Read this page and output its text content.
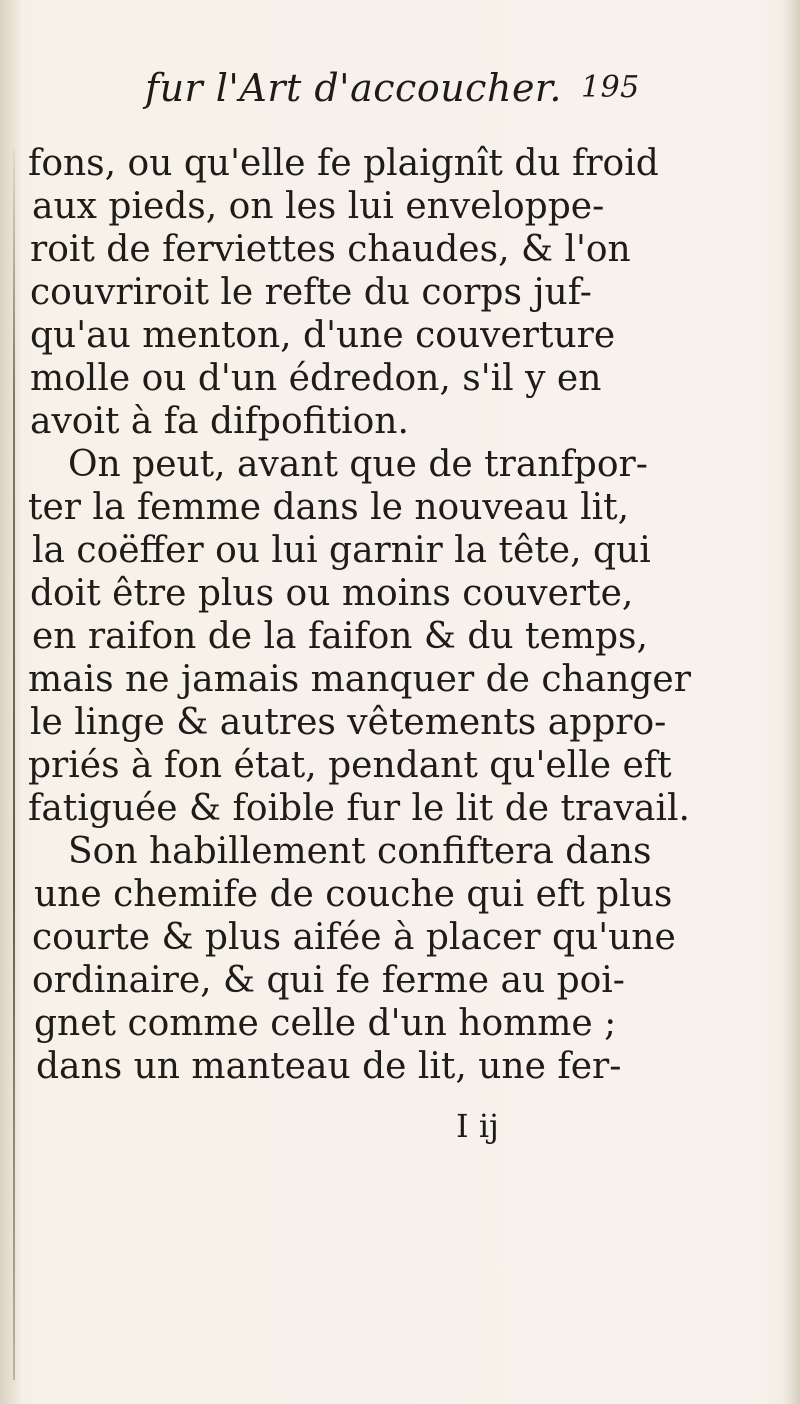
fur l'Art d'accoucher. 195
fons, ou qu'elle fe plaignît du froid
aux pieds, on les lui enveloppe-
roit de ferviettes chaudes, & l'on
couvriroit le refte du corps juf-
qu'au menton, d'une couverture
molle ou d'un édredon, s'il y en
avoit à fa difpofition.
On peut, avant que de tranfpor-
ter la femme dans le nouveau lit,
la coëffer ou lui garnir la tête, qui
doit être plus ou moins couverte,
en raifon de la faifon & du temps,
mais ne jamais manquer de changer
le linge & autres vêtements appro-
priés à fon état, pendant qu'elle eft
fatiguée & foible fur le lit de travail.
Son habillement confiftera dans
une chemife de couche qui eft plus
courte & plus aifée à placer qu'une
ordinaire, & qui fe ferme au poi-
gnet comme celle d'un homme ;
dans un manteau de lit, une fer-
I ij
